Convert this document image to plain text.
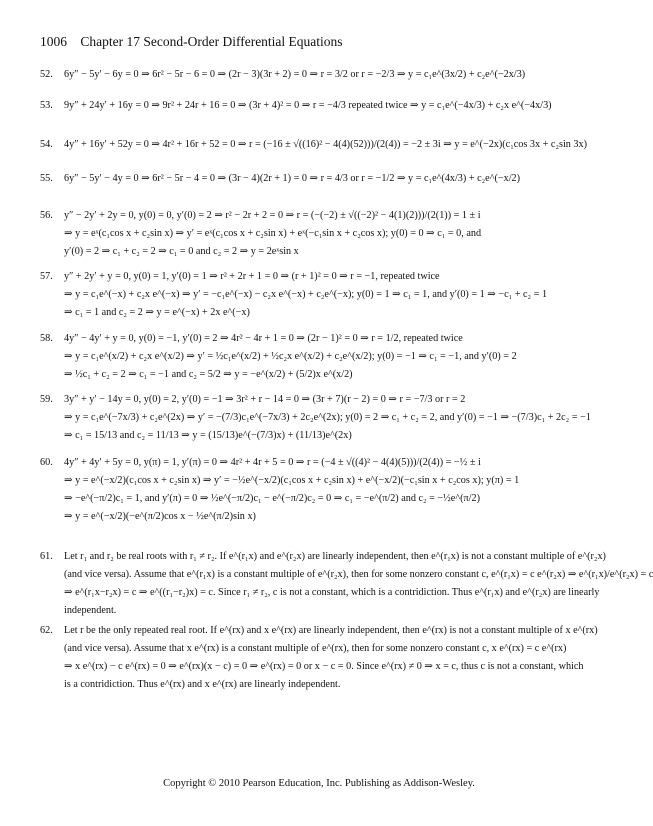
1006 Chapter 17 Second-Order Differential Equations
52. 6y″ − 5y′ − 6y = 0 ⇒ 6r² − 5r − 6 = 0 ⇒ (2r − 3)(3r + 2) = 0 ⇒ r = 3/2 or r = −2/3 ⇒ y = c₁e^(3x/2) + c₂e^(−2x/3)
53. 9y″ + 24y′ + 16y = 0 ⇒ 9r² + 24r + 16 = 0 ⇒ (3r + 4)² = 0 ⇒ r = −4/3 repeated twice ⇒ y = c₁e^(−4x/3) + c₂x e^(−4x/3)
54. 4y″ + 16y′ + 52y = 0 ⇒ 4r² + 16r + 52 = 0 ⇒ r = (−16 ± √((16)² − 4(4)(52)))/(2(4)) = −2 ± 3i ⇒ y = e^(−2x)(c₁cos 3x + c₂sin 3x)
55. 6y″ − 5y′ − 4y = 0 ⇒ 6r² − 5r − 4 = 0 ⇒ (3r − 4)(2r + 1) = 0 ⇒ r = 4/3 or r = −1/2 ⇒ y = c₁e^(4x/3) + c₂e^(−x/2)
56. y″ − 2y′ + 2y = 0, y(0) = 0, y′(0) = 2 ⇒ r² − 2r + 2 = 0 ⇒ r = (−(−2) ± √((−2)² − 4(1)(2)))/(2(1)) = 1 ± i
⇒ y = eˣ(c₁cos x + c₂sin x) ⇒ y′ = eˣ(c₁cos x + c₂sin x) + eˣ(−c₁sin x + c₂cos x); y(0) = 0 ⇒ c₁ = 0, and
y′(0) = 2 ⇒ c₁ + c₂ = 2 ⇒ c₁ = 0 and c₂ = 2 ⇒ y = 2eˣsin x
57. y″ + 2y′ + y = 0, y(0) = 1, y′(0) = 1 ⇒ r² + 2r + 1 = 0 ⇒ (r + 1)² = 0 ⇒ r = −1, repeated twice
⇒ y = c₁e^(−x) + c₂x e^(−x) ⇒ y′ = −c₁e^(−x) − c₂x e^(−x) + c₂e^(−x); y(0) = 1 ⇒ c₁ = 1, and y′(0) = 1 ⇒ −c₁ + c₂ = 1
⇒ c₁ = 1 and c₂ = 2 ⇒ y = e^(−x) + 2x e^(−x)
58. 4y″ − 4y′ + y = 0, y(0) = −1, y′(0) = 2 ⇒ 4r² − 4r + 1 = 0 ⇒ (2r − 1)² = 0 ⇒ r = 1/2, repeated twice
⇒ y = c₁e^(x/2) + c₂x e^(x/2) ⇒ y′ = ½c₁e^(x/2) + ½c₂x e^(x/2) + c₂e^(x/2); y(0) = −1 ⇒ c₁ = −1, and y′(0) = 2
⇒ ½c₁ + c₂ = 2 ⇒ c₁ = −1 and c₂ = 5/2 ⇒ y = −e^(x/2) + (5/2)x e^(x/2)
59. 3y″ + y′ − 14y = 0, y(0) = 2, y′(0) = −1 ⇒ 3r² + r − 14 = 0 ⇒ (3r + 7)(r − 2) = 0 ⇒ r = −7/3 or r = 2
⇒ y = c₁e^(−7x/3) + c₂e^(2x) ⇒ y′ = −(7/3)c₁e^(−7x/3) + 2c₂e^(2x); y(0) = 2 ⇒ c₁ + c₂ = 2, and y′(0) = −1 ⇒ −(7/3)c₁ + 2c₂ = −1
⇒ c₁ = 15/13 and c₂ = 11/13 ⇒ y = (15/13)e^(−(7/3)x) + (11/13)e^(2x)
60. 4y″ + 4y′ + 5y = 0, y(π) = 1, y′(π) = 0 ⇒ 4r² + 4r + 5 = 0 ⇒ r = (−4 ± √((4)² − 4(4)(5)))/(2(4)) = −½ ± i
⇒ y = e^(−x/2)(c₁cos x + c₂sin x) ⇒ y′ = −½e^(−x/2)(c₁cos x + c₂sin x) + e^(−x/2)(−c₁sin x + c₂cos x); y(π) = 1
⇒ −e^(−π/2)c₁ = 1, and y′(π) = 0 ⇒ ½e^(−π/2)c₁ − e^(−π/2)c₂ = 0 ⇒ c₁ = −e^(π/2) and c₂ = −½e^(π/2)
⇒ y = e^(−x/2)(−e^(π/2)cos x − ½e^(π/2)sin x)
61. Let r₁ and r₂ be real roots with r₁ ≠ r₂. If e^(r₁x) and e^(r₂x) are linearly independent, then e^(r₁x) is not a constant multiple of e^(r₂x)
(and vice versa). Assume that e^(r₁x) is a constant multiple of e^(r₂x), then for some nonzero constant c, e^(r₁x) = c e^(r₂x) ⇒ e^(r₁x)/e^(r₂x) = c
⇒ e^(r₁x−r₂x) = c ⇒ e^((r₁−r₂)x) = c. Since r₁ ≠ r₂, c is not a constant, which is a contridiction. Thus e^(r₁x) and e^(r₂x) are linearly
independent.
62. Let r be the only repeated real root. If e^(rx) and x e^(rx) are linearly independent, then e^(rx) is not a constant multiple of x e^(rx)
(and vice versa). Assume that x e^(rx) is a constant multiple of e^(rx), then for some nonzero constant c, x e^(rx) = c e^(rx)
⇒ x e^(rx) − c e^(rx) = 0 ⇒ e^(rx)(x − c) = 0 ⇒ e^(rx) = 0 or x − c = 0. Since e^(rx) ≠ 0 ⇒ x = c, thus c is not a constant, which
is a contridiction. Thus e^(rx) and x e^(rx) are linearly independent.
Copyright © 2010 Pearson Education, Inc. Publishing as Addison-Wesley.
